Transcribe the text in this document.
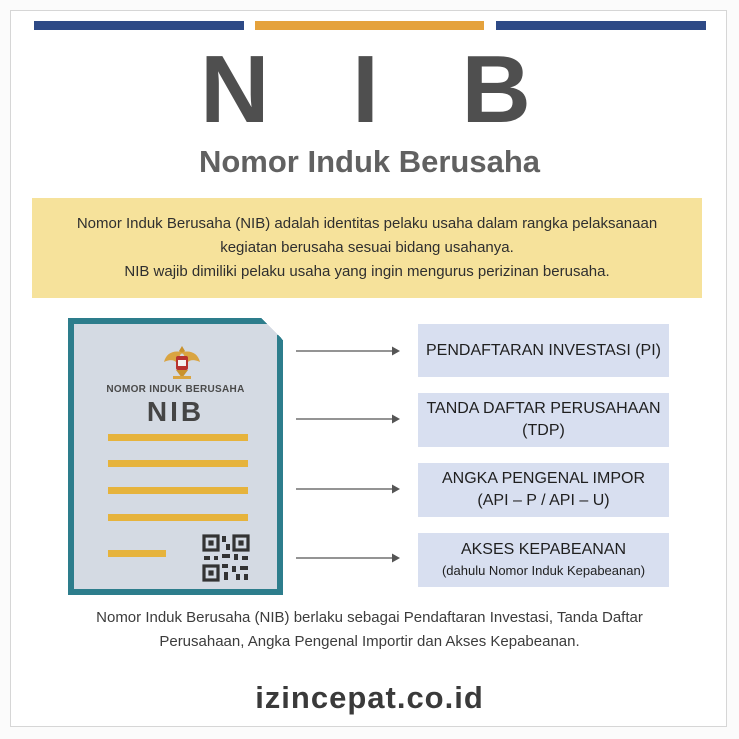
N I B
Nomor Induk Berusaha
Nomor Induk Berusaha (NIB) adalah identitas pelaku usaha dalam rangka pelaksanaan
kegiatan berusaha sesuai bidang usahanya.
NIB wajib dimiliki pelaku usaha yang ingin mengurus perizinan berusaha.
NOMOR INDUK BERUSAHA
NIB
PENDAFTARAN INVESTASI (PI)
TANDA DAFTAR PERUSAHAAN
(TDP)
ANGKA PENGENAL IMPOR
(API – P / API – U)
AKSES KEPABEANAN
(dahulu Nomor Induk Kepabeanan)
Nomor Induk Berusaha (NIB) berlaku sebagai Pendaftaran Investasi, Tanda Daftar
Perusahaan, Angka Pengenal Importir dan Akses Kepabeanan.
izincepat.co.id
